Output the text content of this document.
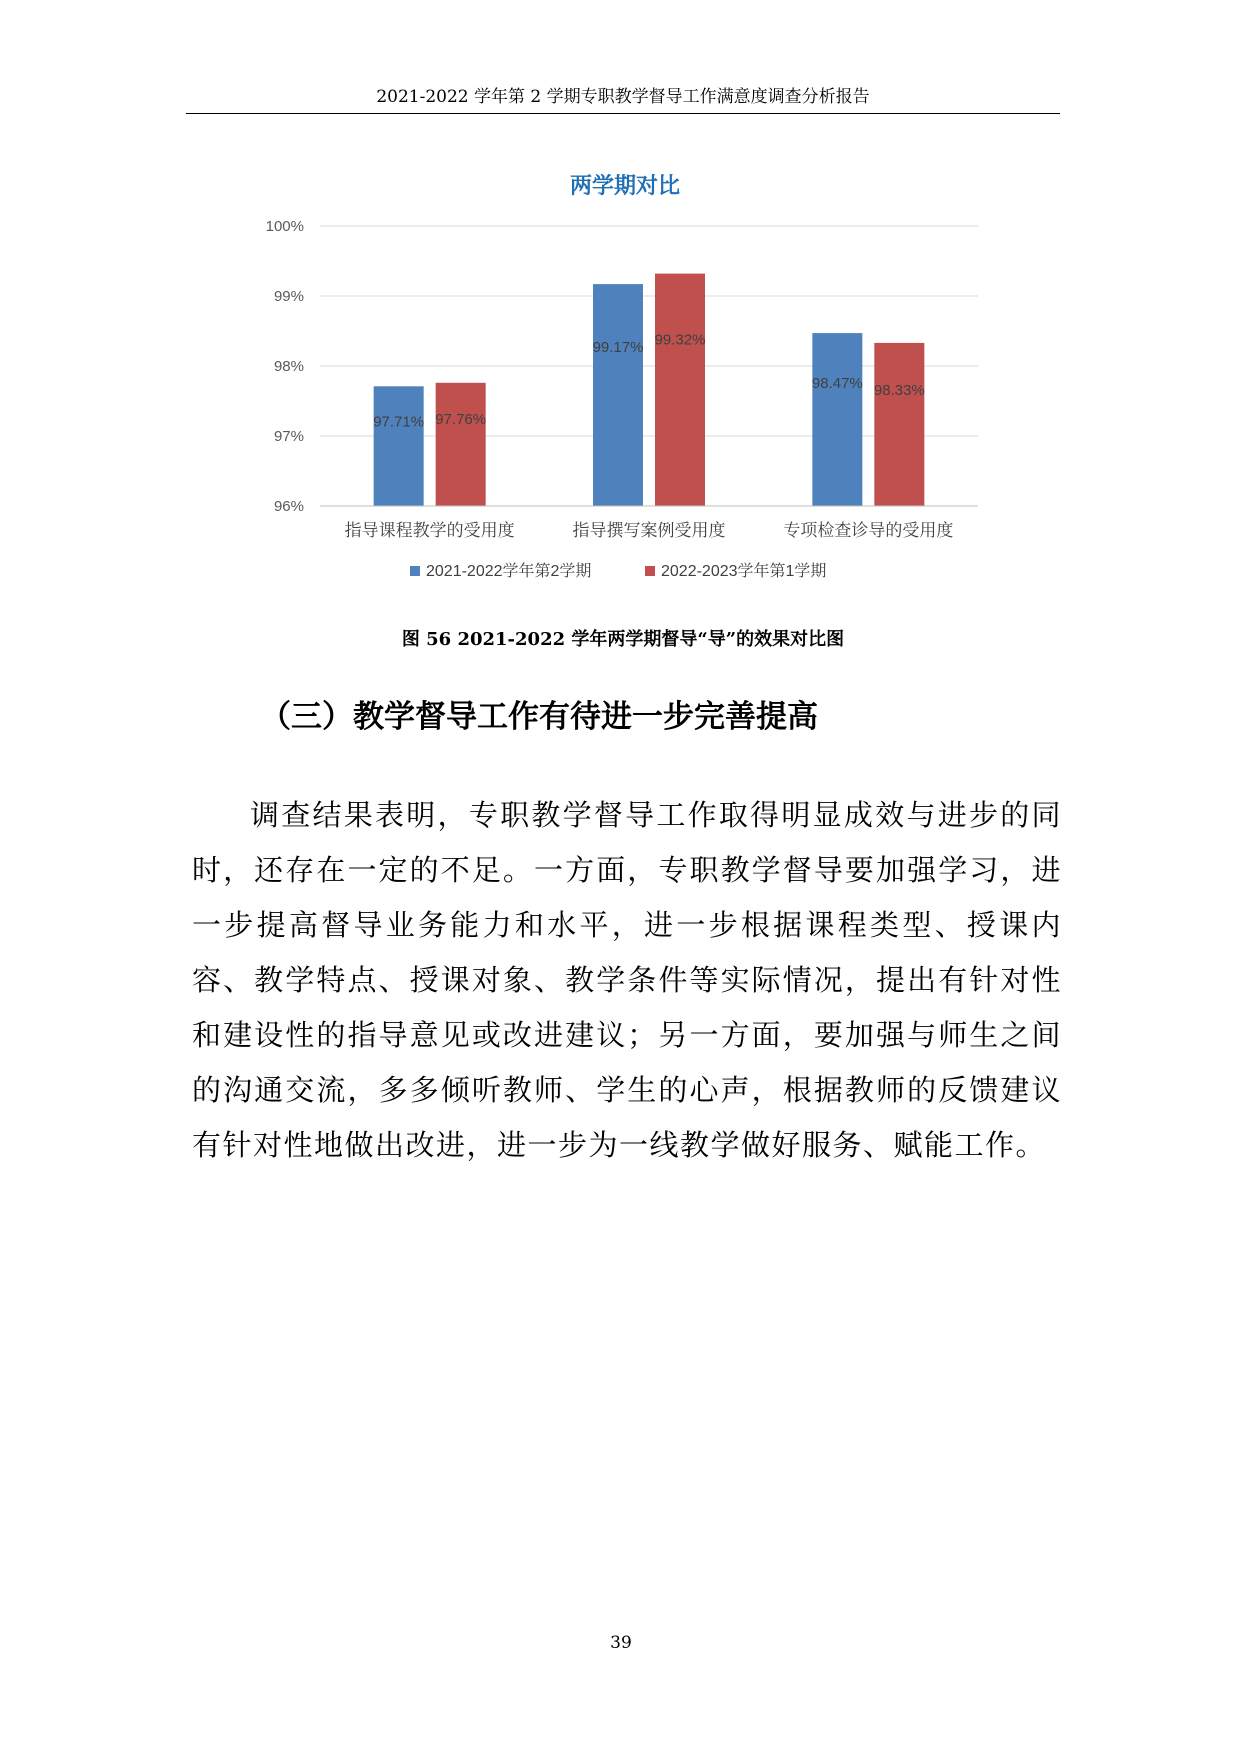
2021-2022 学年第 2 学期专职教学督导工作满意度调查分析报告
两学期对比
97.71% 97.76%
99.17% 99.32%
98.47% 98.33%
96%
97%
98%
99%
100%
指导课程教学的受用度	指导撰写案例受用度	专项检查诊导的受用度
2021-2022学年第2学期	2022-2023学年第1学期
图 56 2021-2022 学年两学期督导“导”的效果对比图
（三）教学督导工作有待进一步完善提高

调查结果表明，专职教学督导工作取得明显成效与进步的同时，还存在一定的不足。一方面，专职教学督导要加强学习，进一步提高督导业务能力和水平，进一步根据课程类型、授课内容、教学特点、授课对象、教学条件等实际情况，提出有针对性和建设性的指导意见或改进建议；另一方面，要加强与师生之间的沟通交流，多多倾听教师、学生的心声，根据教师的反馈建议有针对性地做出改进，进一步为一线教学做好服务、赋能工作。

39
